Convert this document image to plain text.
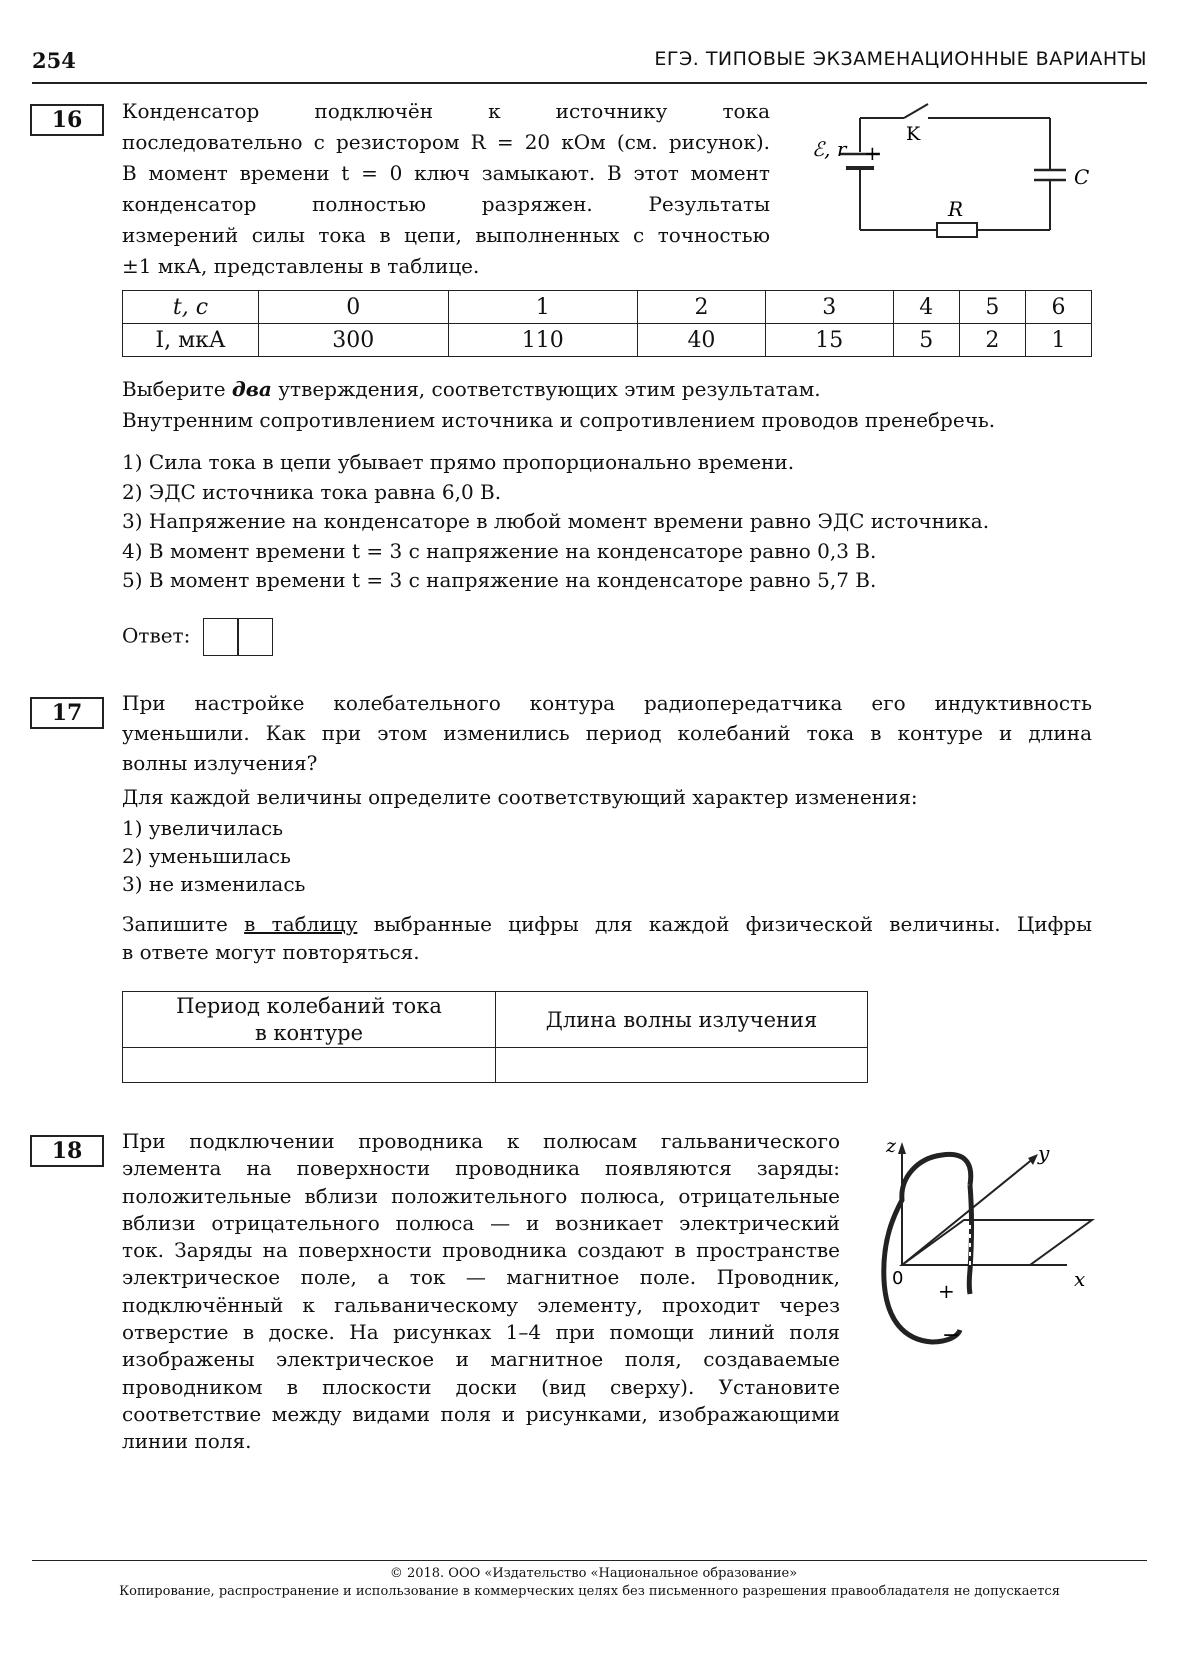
254	ЕГЭ. ТИПОВЫЕ ЭКЗАМЕНАЦИОННЫЕ ВАРИАНТЫ
16	Конденсатор подключён к источнику тока
последовательно с резистором R = 20 кОм (см. рисунок).
В момент времени t = 0 ключ замыкают. В этот момент
конденсатор полностью разряжен. Результаты
измерений силы тока в цепи, выполненных с точностью
±1 мкА, представлены в таблице.
ℰ, r +
K
C
R
t, с	0	1	2	3	4	5	6
I, мкА	300	110	40	15	5	2	1
Выберите два утверждения, соответствующих этим результатам.
Внутренним сопротивлением источника и сопротивлением проводов пренебречь.
1) Сила тока в цепи убывает прямо пропорционально времени.
2) ЭДС источника тока равна 6,0 В.
3) Напряжение на конденсаторе в любой момент времени равно ЭДС источника.
4) В момент времени t = 3 с напряжение на конденсаторе равно 0,3 В.
5) В момент времени t = 3 с напряжение на конденсаторе равно 5,7 В.
Ответ:
17	При настройке колебательного контура радиопередатчика его индуктивность
уменьшили. Как при этом изменились период колебаний тока в контуре и длина
волны излучения?
Для каждой величины определите соответствующий характер изменения:
1) увеличилась
2) уменьшилась
3) не изменилась
Запишите в таблицу выбранные цифры для каждой физической величины. Цифры
в ответе могут повторяться.
Период колебаний тока
в контуре	Длина волны излучения

18	При подключении проводника к полюсам гальванического
элемента на поверхности проводника появляются заряды:
положительные вблизи положительного полюса, отрицательные
вблизи отрицательного полюса — и возникает электрический
ток. Заряды на поверхности проводника создают в пространстве
электрическое поле, а ток — магнитное поле. Проводник,
подключённый к гальваническому элементу, проходит через
отверстие в доске. На рисунках 1–4 при помощи линий поля
изображены электрическое и магнитное поля, создаваемые
проводником в плоскости доски (вид сверху). Установите
соответствие между видами поля и рисунками, изображающими
линии поля.
z	y
x
0
+
−
© 2018. ООО «Издательство «Национальное образование»
Копирование, распространение и использование в коммерческих целях без письменного разрешения правообладателя не допускается
